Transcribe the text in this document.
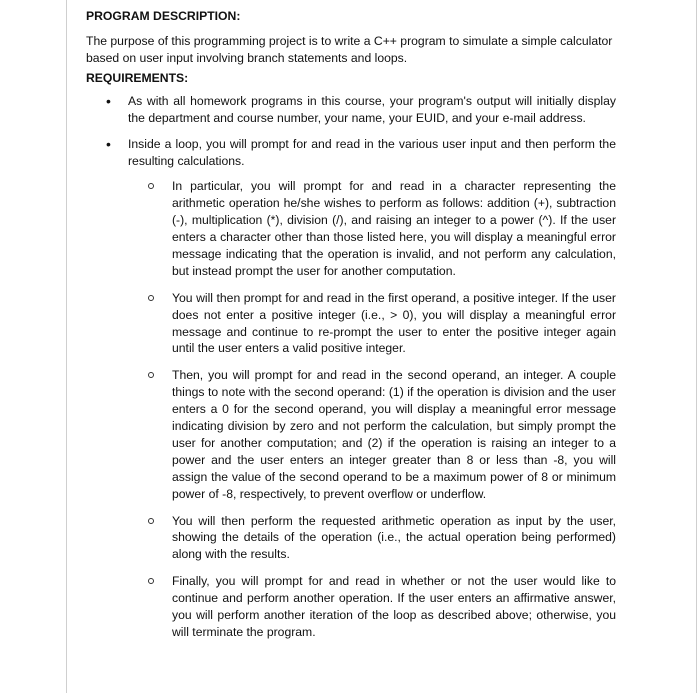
PROGRAM DESCRIPTION:

The purpose of this programming project is to write a C++ program to simulate a simple calculator based on user input involving branch statements and loops.

REQUIREMENTS:

• As with all homework programs in this course, your program's output will initially display the department and course number, your name, your EUID, and your e-mail address.
• Inside a loop, you will prompt for and read in the various user input and then perform the resulting calculations.
In particular, you will prompt for and read in a character representing the arithmetic operation he/she wishes to perform as follows: addition (+), subtraction (-), multiplication (*), division (/), and raising an integer to a power (^). If the user enters a character other than those listed here, you will display a meaningful error message indicating that the operation is invalid, and not perform any calculation, but instead prompt the user for another computation.
You will then prompt for and read in the first operand, a positive integer. If the user does not enter a positive integer (i.e., > 0), you will display a meaningful error message and continue to re-prompt the user to enter the positive integer again until the user enters a valid positive integer.
Then, you will prompt for and read in the second operand, an integer. A couple things to note with the second operand: (1) if the operation is division and the user enters a 0 for the second operand, you will display a meaningful error message indicating division by zero and not perform the calculation, but simply prompt the user for another computation; and (2) if the operation is raising an integer to a power and the user enters an integer greater than 8 or less than -8, you will assign the value of the second operand to be a maximum power of 8 or minimum power of -8, respectively, to prevent overflow or underflow.
You will then perform the requested arithmetic operation as input by the user, showing the details of the operation (i.e., the actual operation being performed) along with the results.
Finally, you will prompt for and read in whether or not the user would like to continue and perform another operation. If the user enters an affirmative answer, you will perform another iteration of the loop as described above; otherwise, you will terminate the program.
